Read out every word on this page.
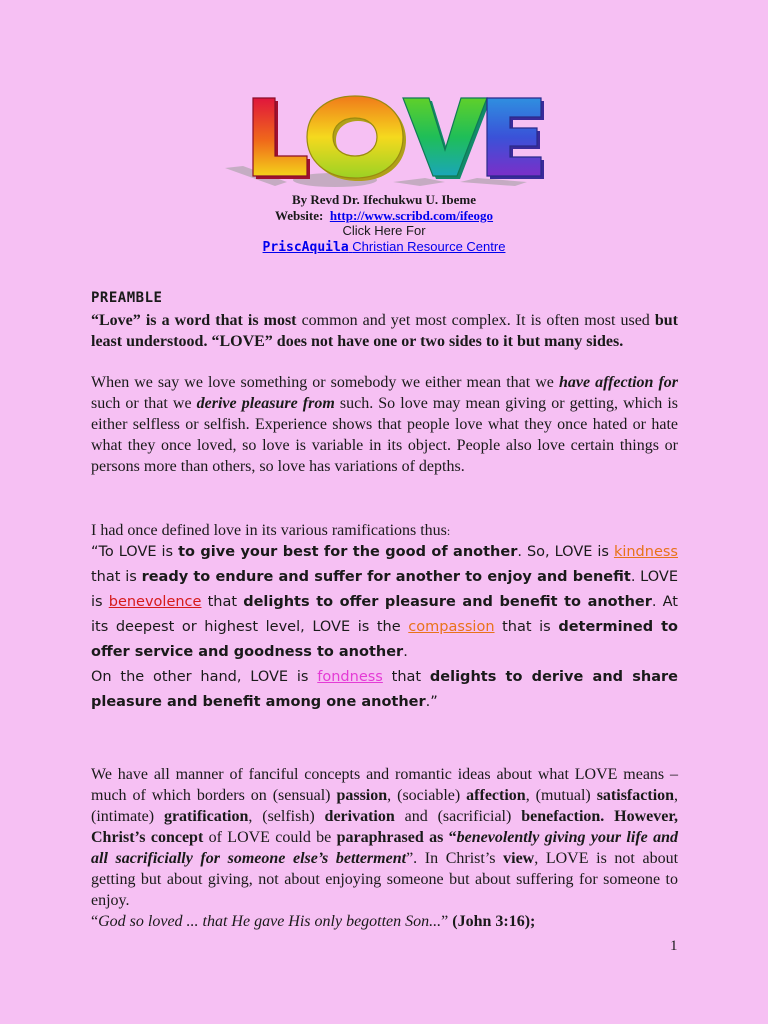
By Revd Dr. Ifechukwu U. Ibeme
Website: http://www.scribd.com/ifeogo
Click Here For
PriscAquila Christian Resource Centre
PREAMBLE
“Love” is a word that is most common and yet most complex. It is often most used but least understood. “LOVE” does not have one or two sides to it but many sides.
When we say we love something or somebody we either mean that we have affection for such or that we derive pleasure from such. So love may mean giving or getting, which is either selfless or selfish. Experience shows that people love what they once hated or hate what they once loved, so love is variable in its object. People also love certain things or persons more than others, so love has variations of depths.
I had once defined love in its various ramifications thus:
“To LOVE is to give your best for the good of another. So, LOVE is kindness that is ready to endure and suffer for another to enjoy and benefit. LOVE is benevolence that delights to offer pleasure and benefit to another. At its deepest or highest level, LOVE is the compassion that is determined to offer service and goodness to another.
On the other hand, LOVE is fondness that delights to derive and share pleasure and benefit among one another.”
We have all manner of fanciful concepts and romantic ideas about what LOVE means – much of which borders on (sensual) passion, (sociable) affection, (mutual) satisfaction, (intimate) gratification, (selfish) derivation and (sacrificial) benefaction. However, Christ’s concept of LOVE could be paraphrased as “benevolently giving your life and all sacrificially for someone else’s betterment”. In Christ’s view, LOVE is not about getting but about giving, not about enjoying someone but about suffering for someone to enjoy.
“God so loved ... that He gave His only begotten Son...” (John 3:16);
1
